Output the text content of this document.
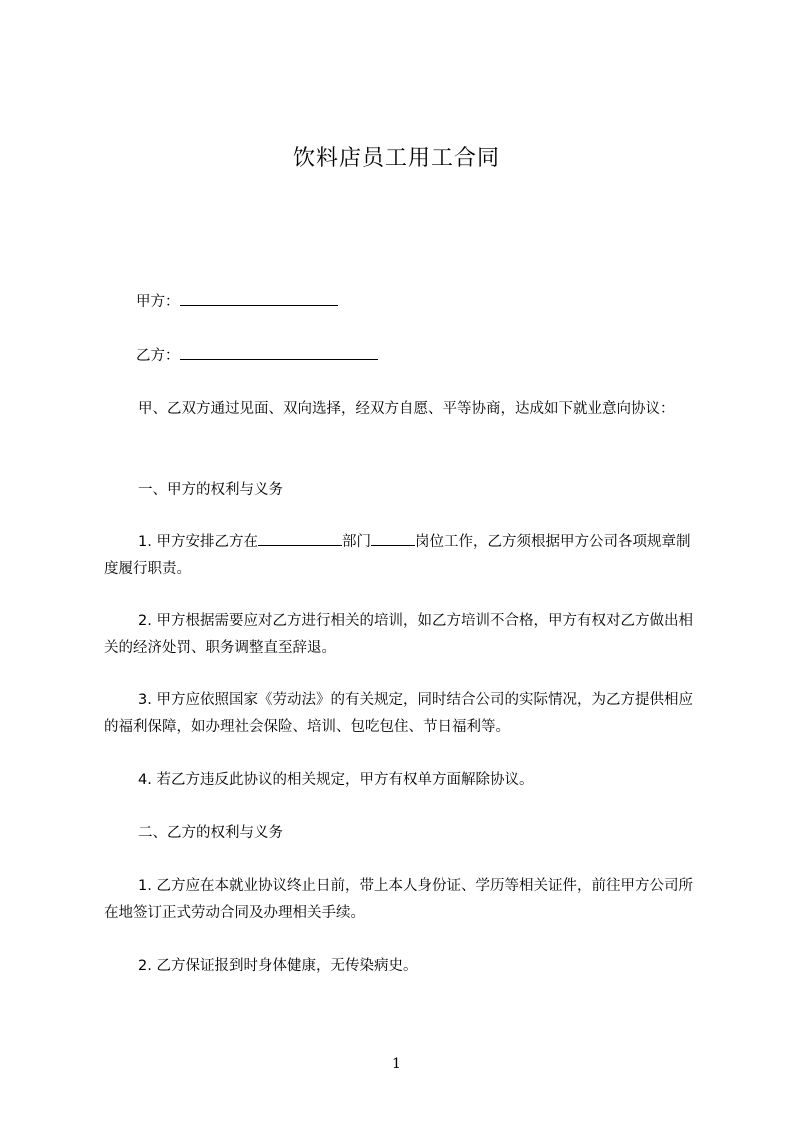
饮料店员工用工合同
甲方：
乙方：
甲、乙双方通过见面、双向选择，经双方自愿、平等协商，达成如下就业意向协议：
一、甲方的权利与义务
1. 甲方安排乙方在	部门	岗位工作，乙方须根据甲方公司各项规章制度履行职责。
2. 甲方根据需要应对乙方进行相关的培训，如乙方培训不合格，甲方有权对乙方做出相关的经济处罚、职务调整直至辞退。
3. 甲方应依照国家《劳动法》的有关规定，同时结合公司的实际情况，为乙方提供相应的福利保障，如办理社会保险、培训、包吃包住、节日福利等。
4. 若乙方违反此协议的相关规定，甲方有权单方面解除协议。
二、乙方的权利与义务
1. 乙方应在本就业协议终止日前，带上本人身份证、学历等相关证件，前往甲方公司所在地签订正式劳动合同及办理相关手续。
2. 乙方保证报到时身体健康，无传染病史。
1
